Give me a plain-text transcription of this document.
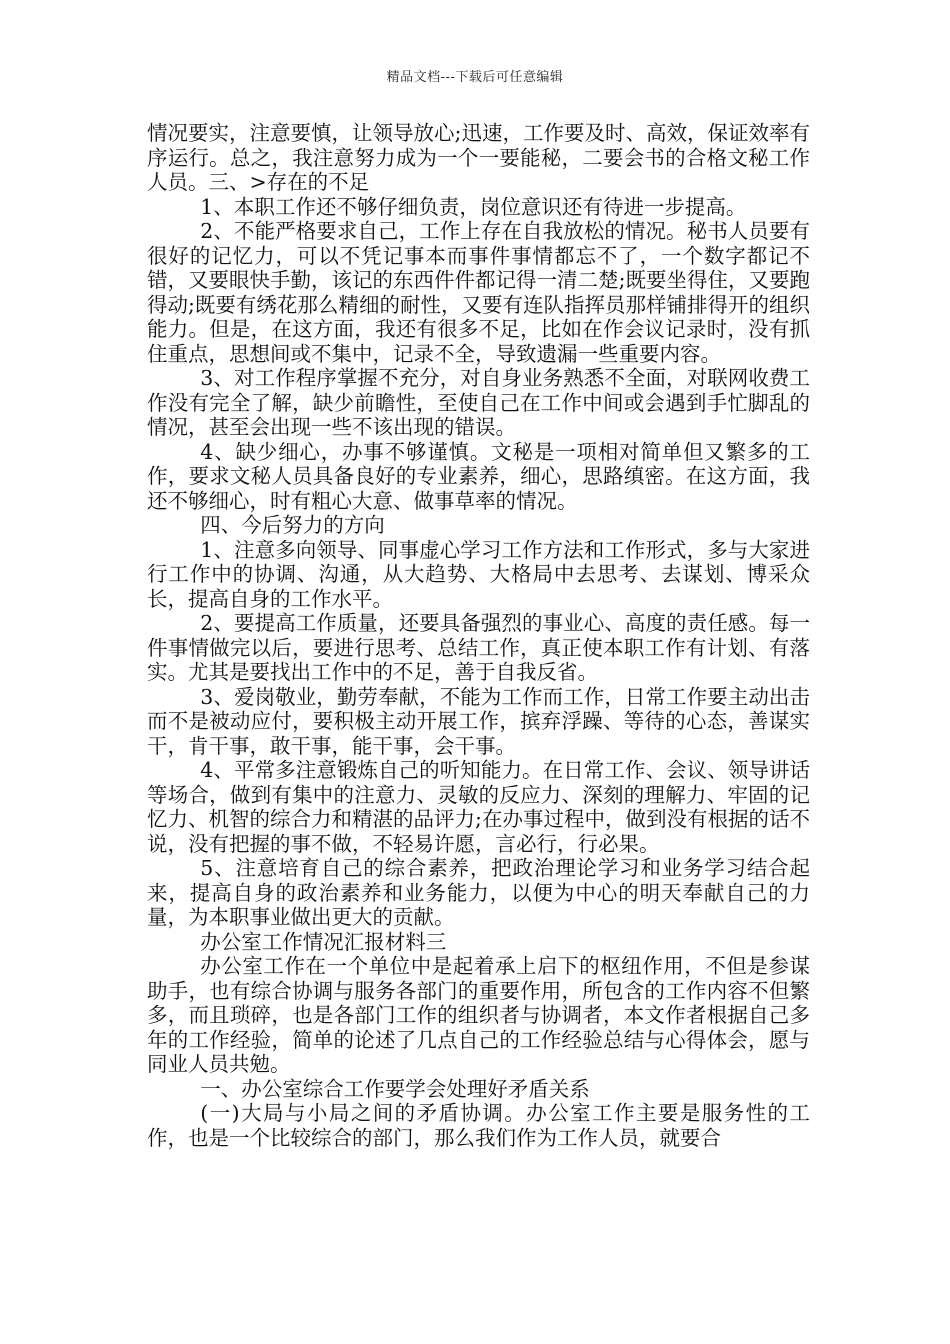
精品文档---下载后可任意编辑

情况要实，注意要慎，让领导放心;迅速，工作要及时、高效，保证效率有序运行。总之，我注意努力成为一个一要能秘，二要会书的合格文秘工作人员。三、>存在的不足

1、本职工作还不够仔细负责，岗位意识还有待进一步提高。

2、不能严格要求自己，工作上存在自我放松的情况。秘书人员要有很好的记忆力，可以不凭记事本而事件事情都忘不了，一个数字都记不错，又要眼快手勤，该记的东西件件都记得一清二楚;既要坐得住，又要跑得动;既要有绣花那么精细的耐性，又要有连队指挥员那样铺排得开的组织能力。但是，在这方面，我还有很多不足，比如在作会议记录时，没有抓住重点，思想间或不集中，记录不全，导致遗漏一些重要内容。

3、对工作程序掌握不充分，对自身业务熟悉不全面，对联网收费工作没有完全了解，缺少前瞻性，至使自己在工作中间或会遇到手忙脚乱的情况，甚至会出现一些不该出现的错误。

4、缺少细心，办事不够谨慎。文秘是一项相对简单但又繁多的工作，要求文秘人员具备良好的专业素养，细心，思路缜密。在这方面，我还不够细心，时有粗心大意、做事草率的情况。

四、今后努力的方向

1、注意多向领导、同事虚心学习工作方法和工作形式，多与大家进行工作中的协调、沟通，从大趋势、大格局中去思考、去谋划、博采众长，提高自身的工作水平。

2、要提高工作质量，还要具备强烈的事业心、高度的责任感。每一件事情做完以后，要进行思考、总结工作，真正使本职工作有计划、有落实。尤其是要找出工作中的不足，善于自我反省。

3、爱岗敬业，勤劳奉献，不能为工作而工作，日常工作要主动出击而不是被动应付，要积极主动开展工作，摈弃浮躁、等待的心态，善谋实干，肯干事，敢干事，能干事，会干事。

4、平常多注意锻炼自己的听知能力。在日常工作、会议、领导讲话等场合，做到有集中的注意力、灵敏的反应力、深刻的理解力、牢固的记忆力、机智的综合力和精湛的品评力;在办事过程中，做到没有根据的话不说，没有把握的事不做，不轻易许愿，言必行，行必果。

5、注意培育自己的综合素养，把政治理论学习和业务学习结合起来，提高自身的政治素养和业务能力，以便为中心的明天奉献自己的力量，为本职事业做出更大的贡献。

办公室工作情况汇报材料三

办公室工作在一个单位中是起着承上启下的枢纽作用，不但是参谋助手，也有综合协调与服务各部门的重要作用，所包含的工作内容不但繁多，而且琐碎，也是各部门工作的组织者与协调者，本文作者根据自己多年的工作经验，简单的论述了几点自己的工作经验总结与心得体会，愿与同业人员共勉。

一、办公室综合工作要学会处理好矛盾关系

(一)大局与小局之间的矛盾协调。办公室工作主要是服务性的工作，也是一个比较综合的部门，那么我们作为工作人员，就要合
